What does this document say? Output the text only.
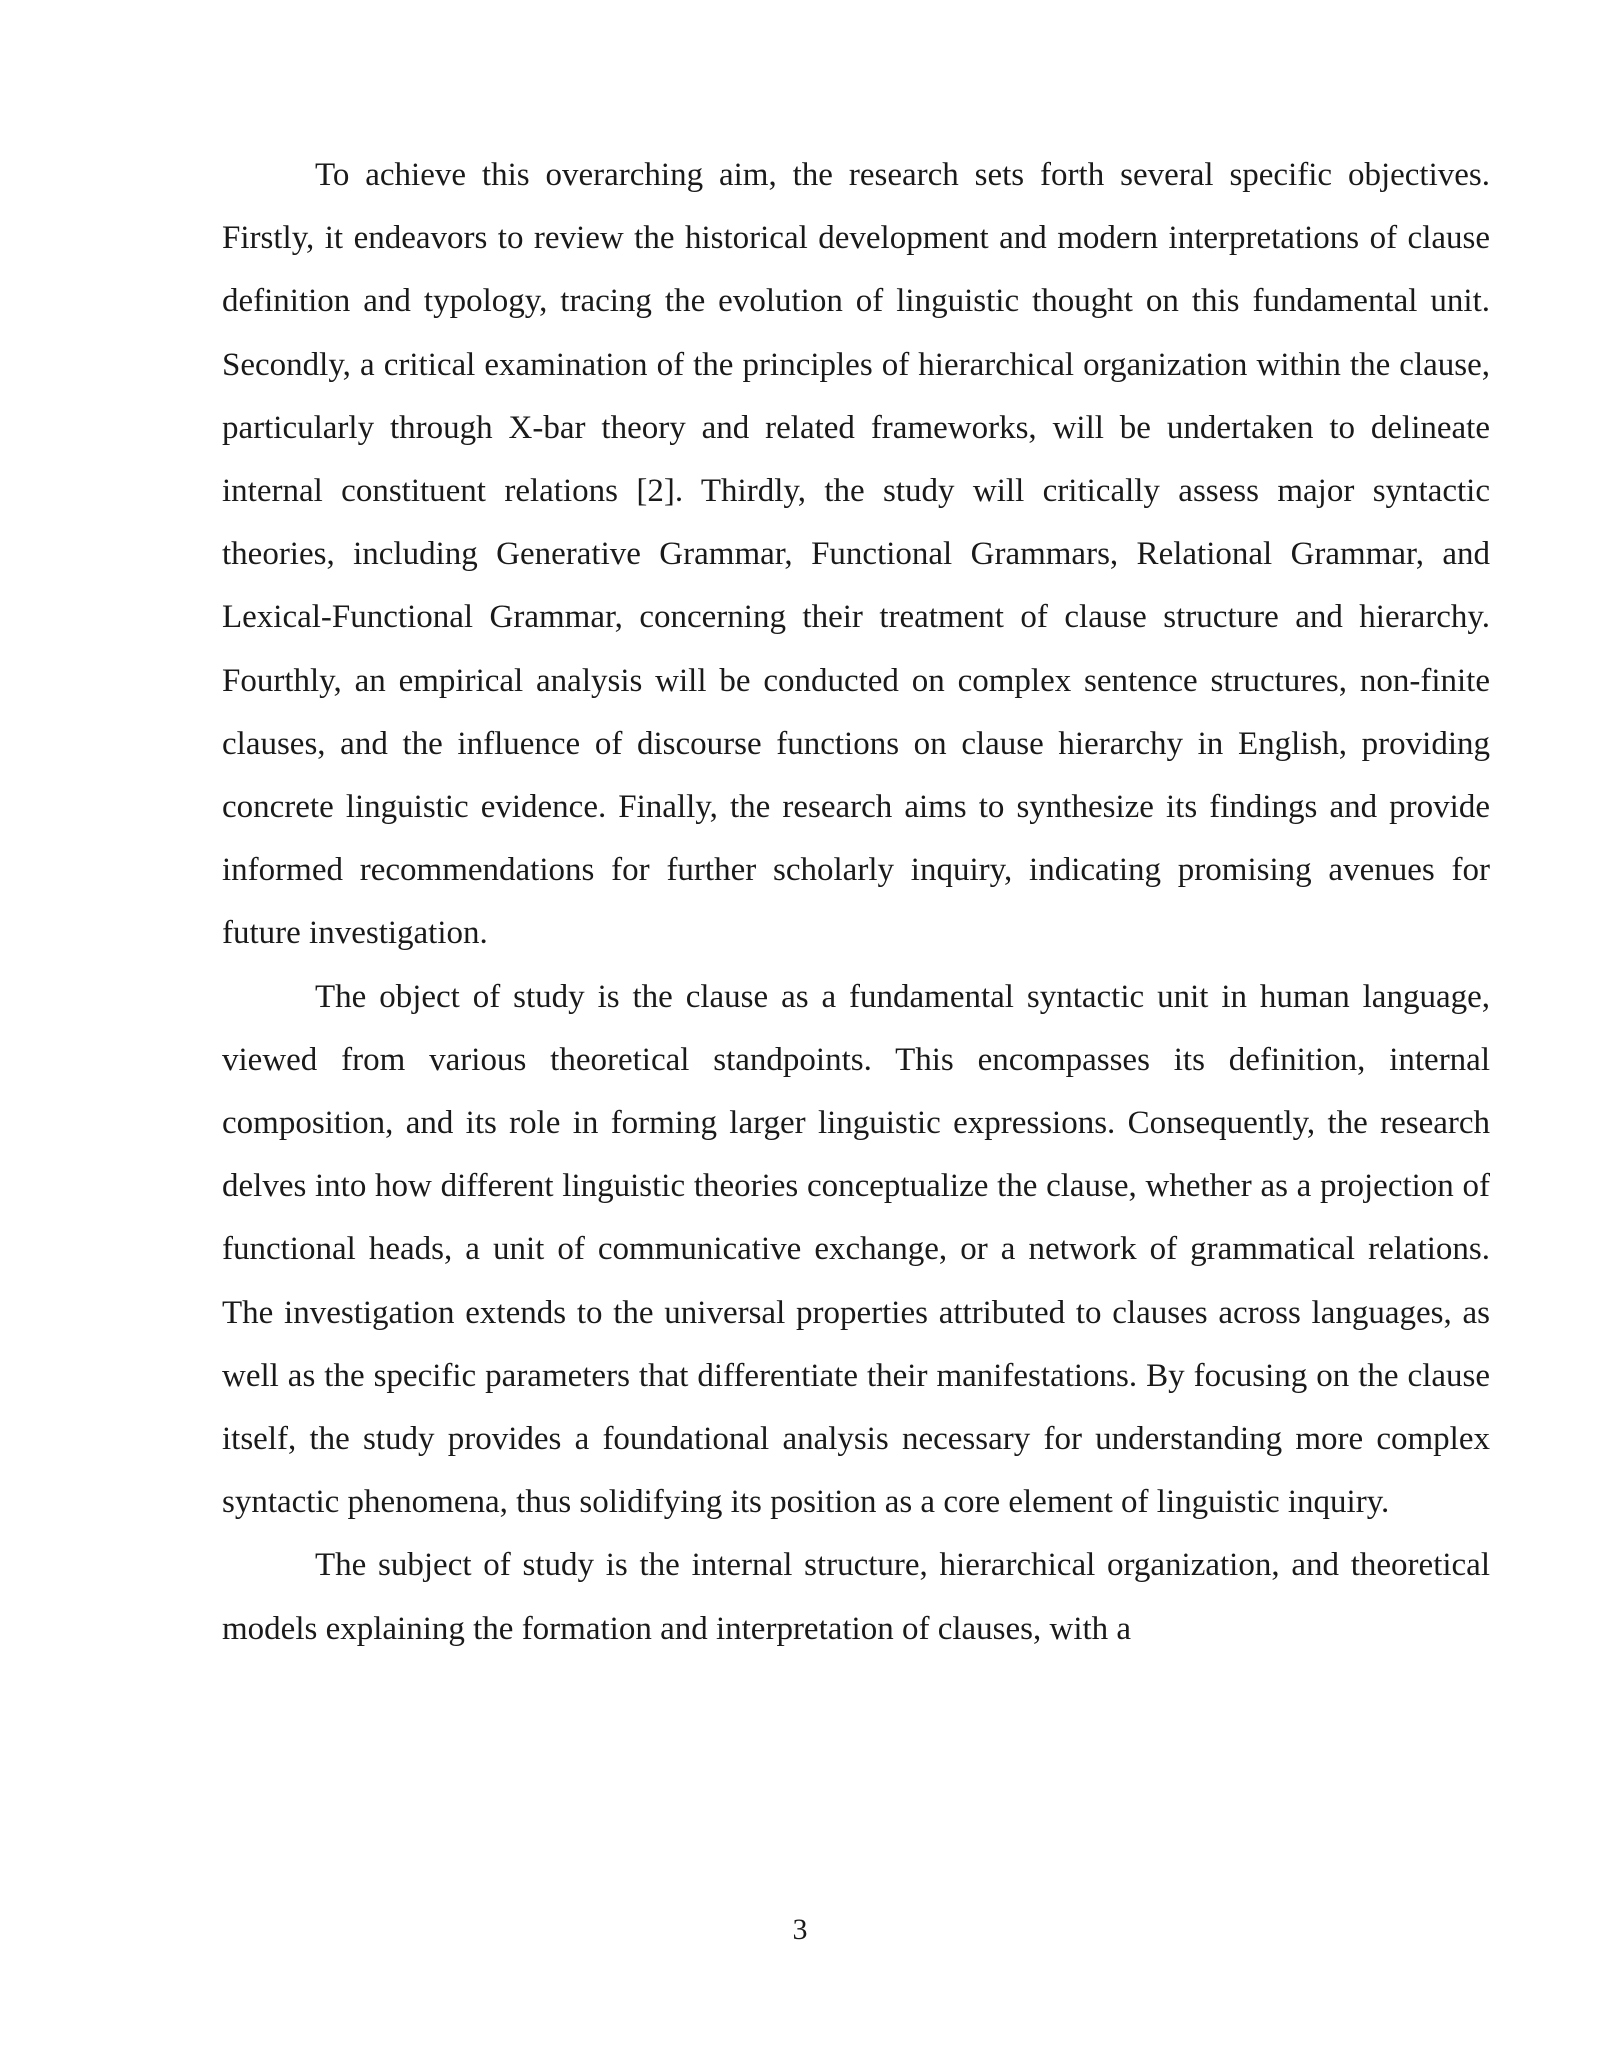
To achieve this overarching aim, the research sets forth several specific objectives. Firstly, it endeavors to review the historical development and modern interpretations of clause definition and typology, tracing the evolution of linguistic thought on this fundamental unit. Secondly, a critical examination of the principles of hierarchical organization within the clause, particularly through X-bar theory and related frameworks, will be undertaken to delineate internal constituent relations [2]. Thirdly, the study will critically assess major syntactic theories, including Generative Grammar, Functional Grammars, Relational Grammar, and Lexical-Functional Grammar, concerning their treatment of clause structure and hierarchy. Fourthly, an empirical analysis will be conducted on complex sentence structures, non-finite clauses, and the influence of discourse functions on clause hierarchy in English, providing concrete linguistic evidence. Finally, the research aims to synthesize its findings and provide informed recommendations for further scholarly inquiry, indicating promising avenues for future investigation.

The object of study is the clause as a fundamental syntactic unit in human language, viewed from various theoretical standpoints. This encompasses its definition, internal composition, and its role in forming larger linguistic expressions. Consequently, the research delves into how different linguistic theories conceptualize the clause, whether as a projection of functional heads, a unit of communicative exchange, or a network of grammatical relations. The investigation extends to the universal properties attributed to clauses across languages, as well as the specific parameters that differentiate their manifestations. By focusing on the clause itself, the study provides a foundational analysis necessary for understanding more complex syntactic phenomena, thus solidifying its position as a core element of linguistic inquiry.

The subject of study is the internal structure, hierarchical organization, and theoretical models explaining the formation and interpretation of clauses, with a

3
